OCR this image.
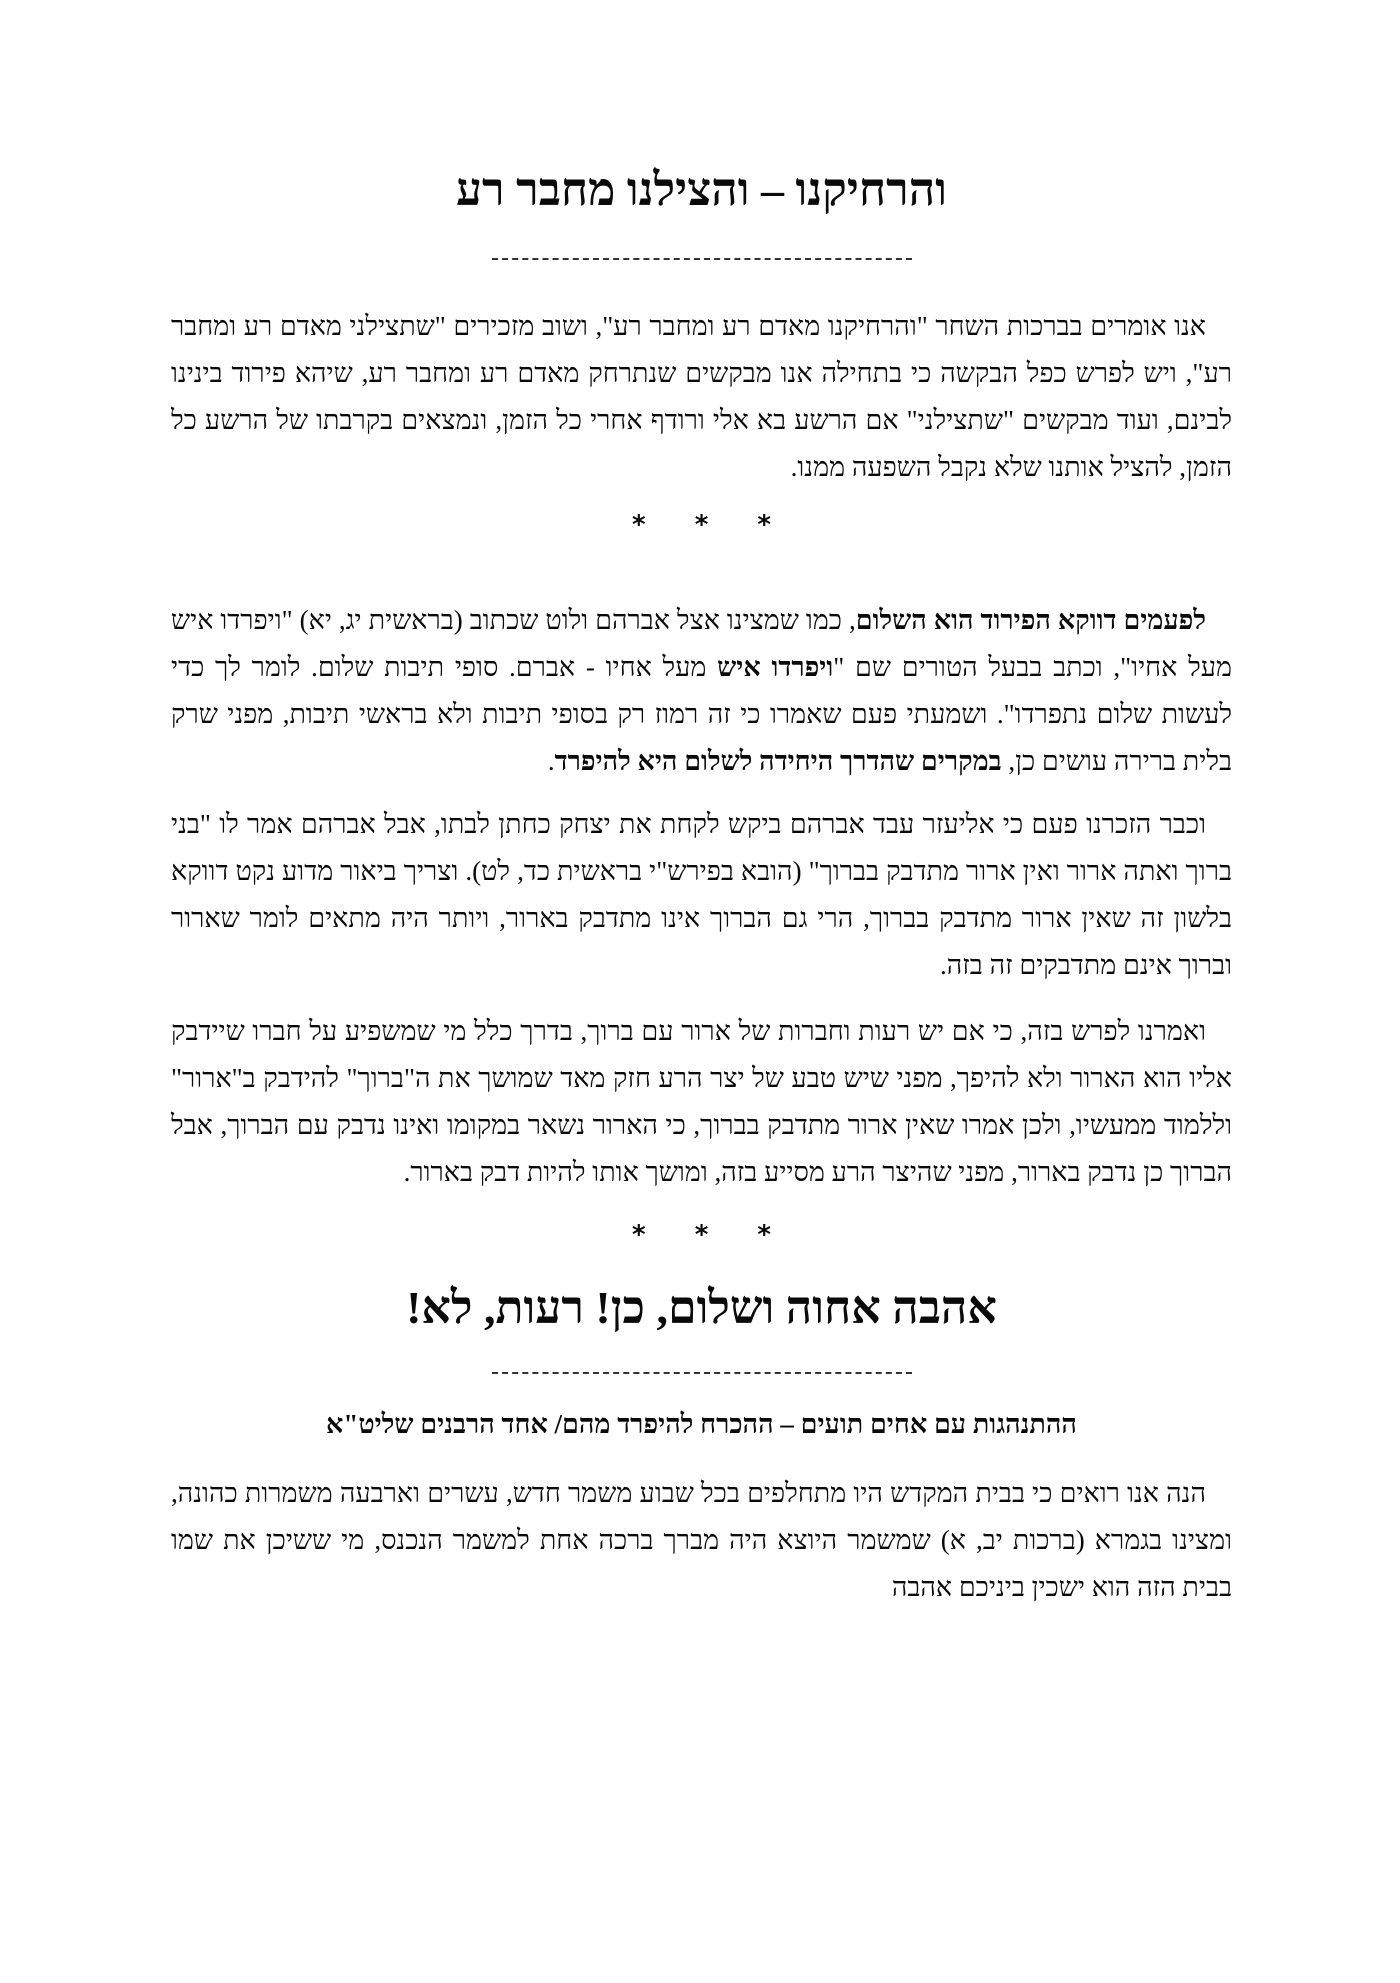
והרחיקנו – והצילנו מחבר רע

אנו אומרים בברכות השחר "והרחיקנו מאדם רע ומחבר רע", ושוב מזכירים "שתצילני מאדם רע ומחבר רע", ויש לפרש כפל הבקשה כי בתחילה אנו מבקשים שנתרחק מאדם רע ומחבר רע, שיהא פירוד בינינו לבינם, ועוד מבקשים "שתצילני" אם הרשע בא אלי ורודף אחרי כל הזמן, ונמצאים בקרבתו של הרשע כל הזמן, להציל אותנו שלא נקבל השפעה ממנו.

* * *

לפעמים דווקא הפירוד הוא השלום, כמו שמצינו אצל אברהם ולוט שכתוב (בראשית יג, יא) "ויפרדו איש מעל אחיו", וכתב בבעל הטורים שם "ויפרדו איש מעל אחיו - אברם. סופי תיבות שלום. לומר לך כדי לעשות שלום נתפרדו". ושמעתי פעם שאמרו כי זה רמוז רק בסופי תיבות ולא בראשי תיבות, מפני שרק בלית ברירה עושים כן, במקרים שהדרך היחידה לשלום היא להיפרד.

וכבר הזכרנו פעם כי אליעזר עבד אברהם ביקש לקחת את יצחק כחתן לבתו, אבל אברהם אמר לו "בני ברוך ואתה ארור ואין ארור מתדבק בברוך" (הובא בפירש"י בראשית כד, לט). וצריך ביאור מדוע נקט דווקא בלשון זה שאין ארור מתדבק בברוך, הרי גם הברוך אינו מתדבק בארור, ויותר היה מתאים לומר שארור וברוך אינם מתדבקים זה בזה.

ואמרנו לפרש בזה, כי אם יש רעות וחברות של ארור עם ברוך, בדרך כלל מי שמשפיע על חברו שיידבק אליו הוא הארור ולא להיפך, מפני שיש טבע של יצר הרע חזק מאד שמושך את ה"ברוך" להידבק ב"ארור" וללמוד ממעשיו, ולכן אמרו שאין ארור מתדבק בברוך, כי הארור נשאר במקומו ואינו נדבק עם הברוך, אבל הברוך כן נדבק בארור, מפני שהיצר הרע מסייע בזה, ומושך אותו להיות דבק בארור.

* * *
אהבה אחוה ושלום, כן! רעות, לא!
ההתנהגות עם אחים תועים – ההכרח להיפרד מהם/ אחד הרבנים שליט"א

הנה אנו רואים כי בבית המקדש היו מתחלפים בכל שבוע משמר חדש, עשרים וארבעה משמרות כהונה, ומצינו בגמרא (ברכות יב, א) שמשמר היוצא היה מברך ברכה אחת למשמר הנכנס, מי ששיכן את שמו בבית הזה הוא ישכין ביניכם אהבה
